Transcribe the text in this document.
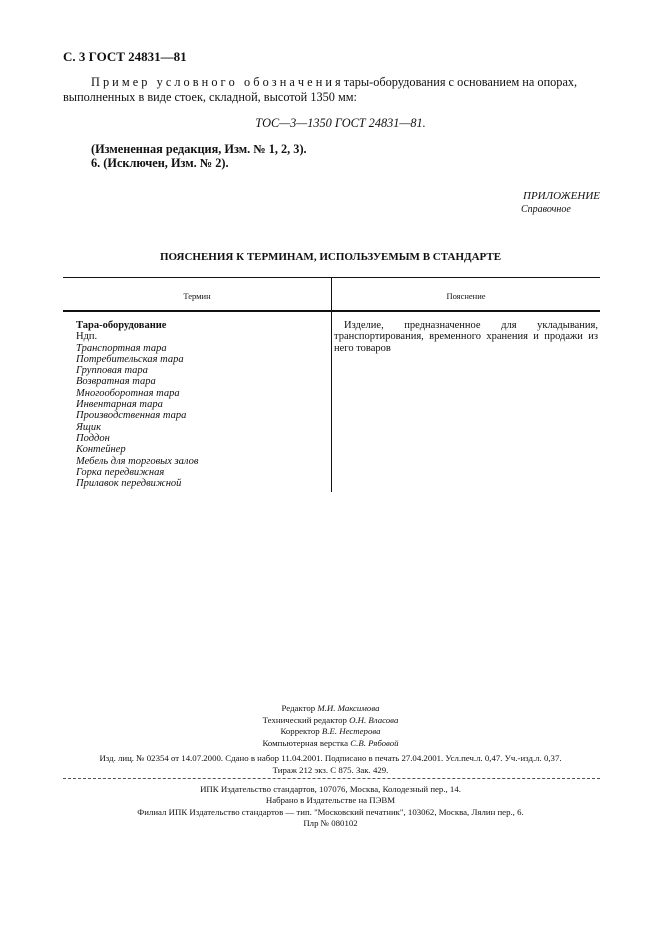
С. 3 ГОСТ 24831—81
П р и м е р   у с л о в н о г о   о б о з н а ч е н и я тары-оборудования с основанием на опорах,
выполненных в виде стоек, складной, высотой 1350 мм:
ТОС—3—1350 ГОСТ 24831—81.
(Измененная редакция, Изм. № 1, 2, 3).
6. (Исключен, Изм. № 2).
ПРИЛОЖЕНИЕ
Справочное
ПОЯСНЕНИЯ К ТЕРМИНАМ, ИСПОЛЬЗУЕМЫМ В СТАНДАРТЕ
Термин	Пояснение
Тара-оборудование
Ндп.
Транспортная тара
Потребительская тара
Групповая тара
Возвратная тара
Многооборотная тара
Инвентарная тара
Производственная тара
Ящик
Поддон
Контейнер
Мебель для торговых залов
Горка передвижная
Прилавок передвижной
Изделие, предназначенное для укладывания, транспортирования, временного хранения и продажи из него товаров
Редактор М.И. Максимова
Технический редактор О.Н. Власова
Корректор В.Е. Нестерова
Компьютерная верстка С.В. Рябовой
Изд. лиц. № 02354 от 14.07.2000. Сдано в набор 11.04.2001. Подписано в печать 27.04.2001. Усл.печ.л. 0,47. Уч.-изд.л. 0,37.
Тираж 212 экз. С 875. Зак. 429.
ИПК Издательство стандартов, 107076, Москва, Колодезный пер., 14.
Набрано в Издательстве на ПЭВМ
Филиал ИПК Издательство стандартов — тип. "Московский печатник", 103062, Москва, Лялин пер., 6.
Плр № 080102
